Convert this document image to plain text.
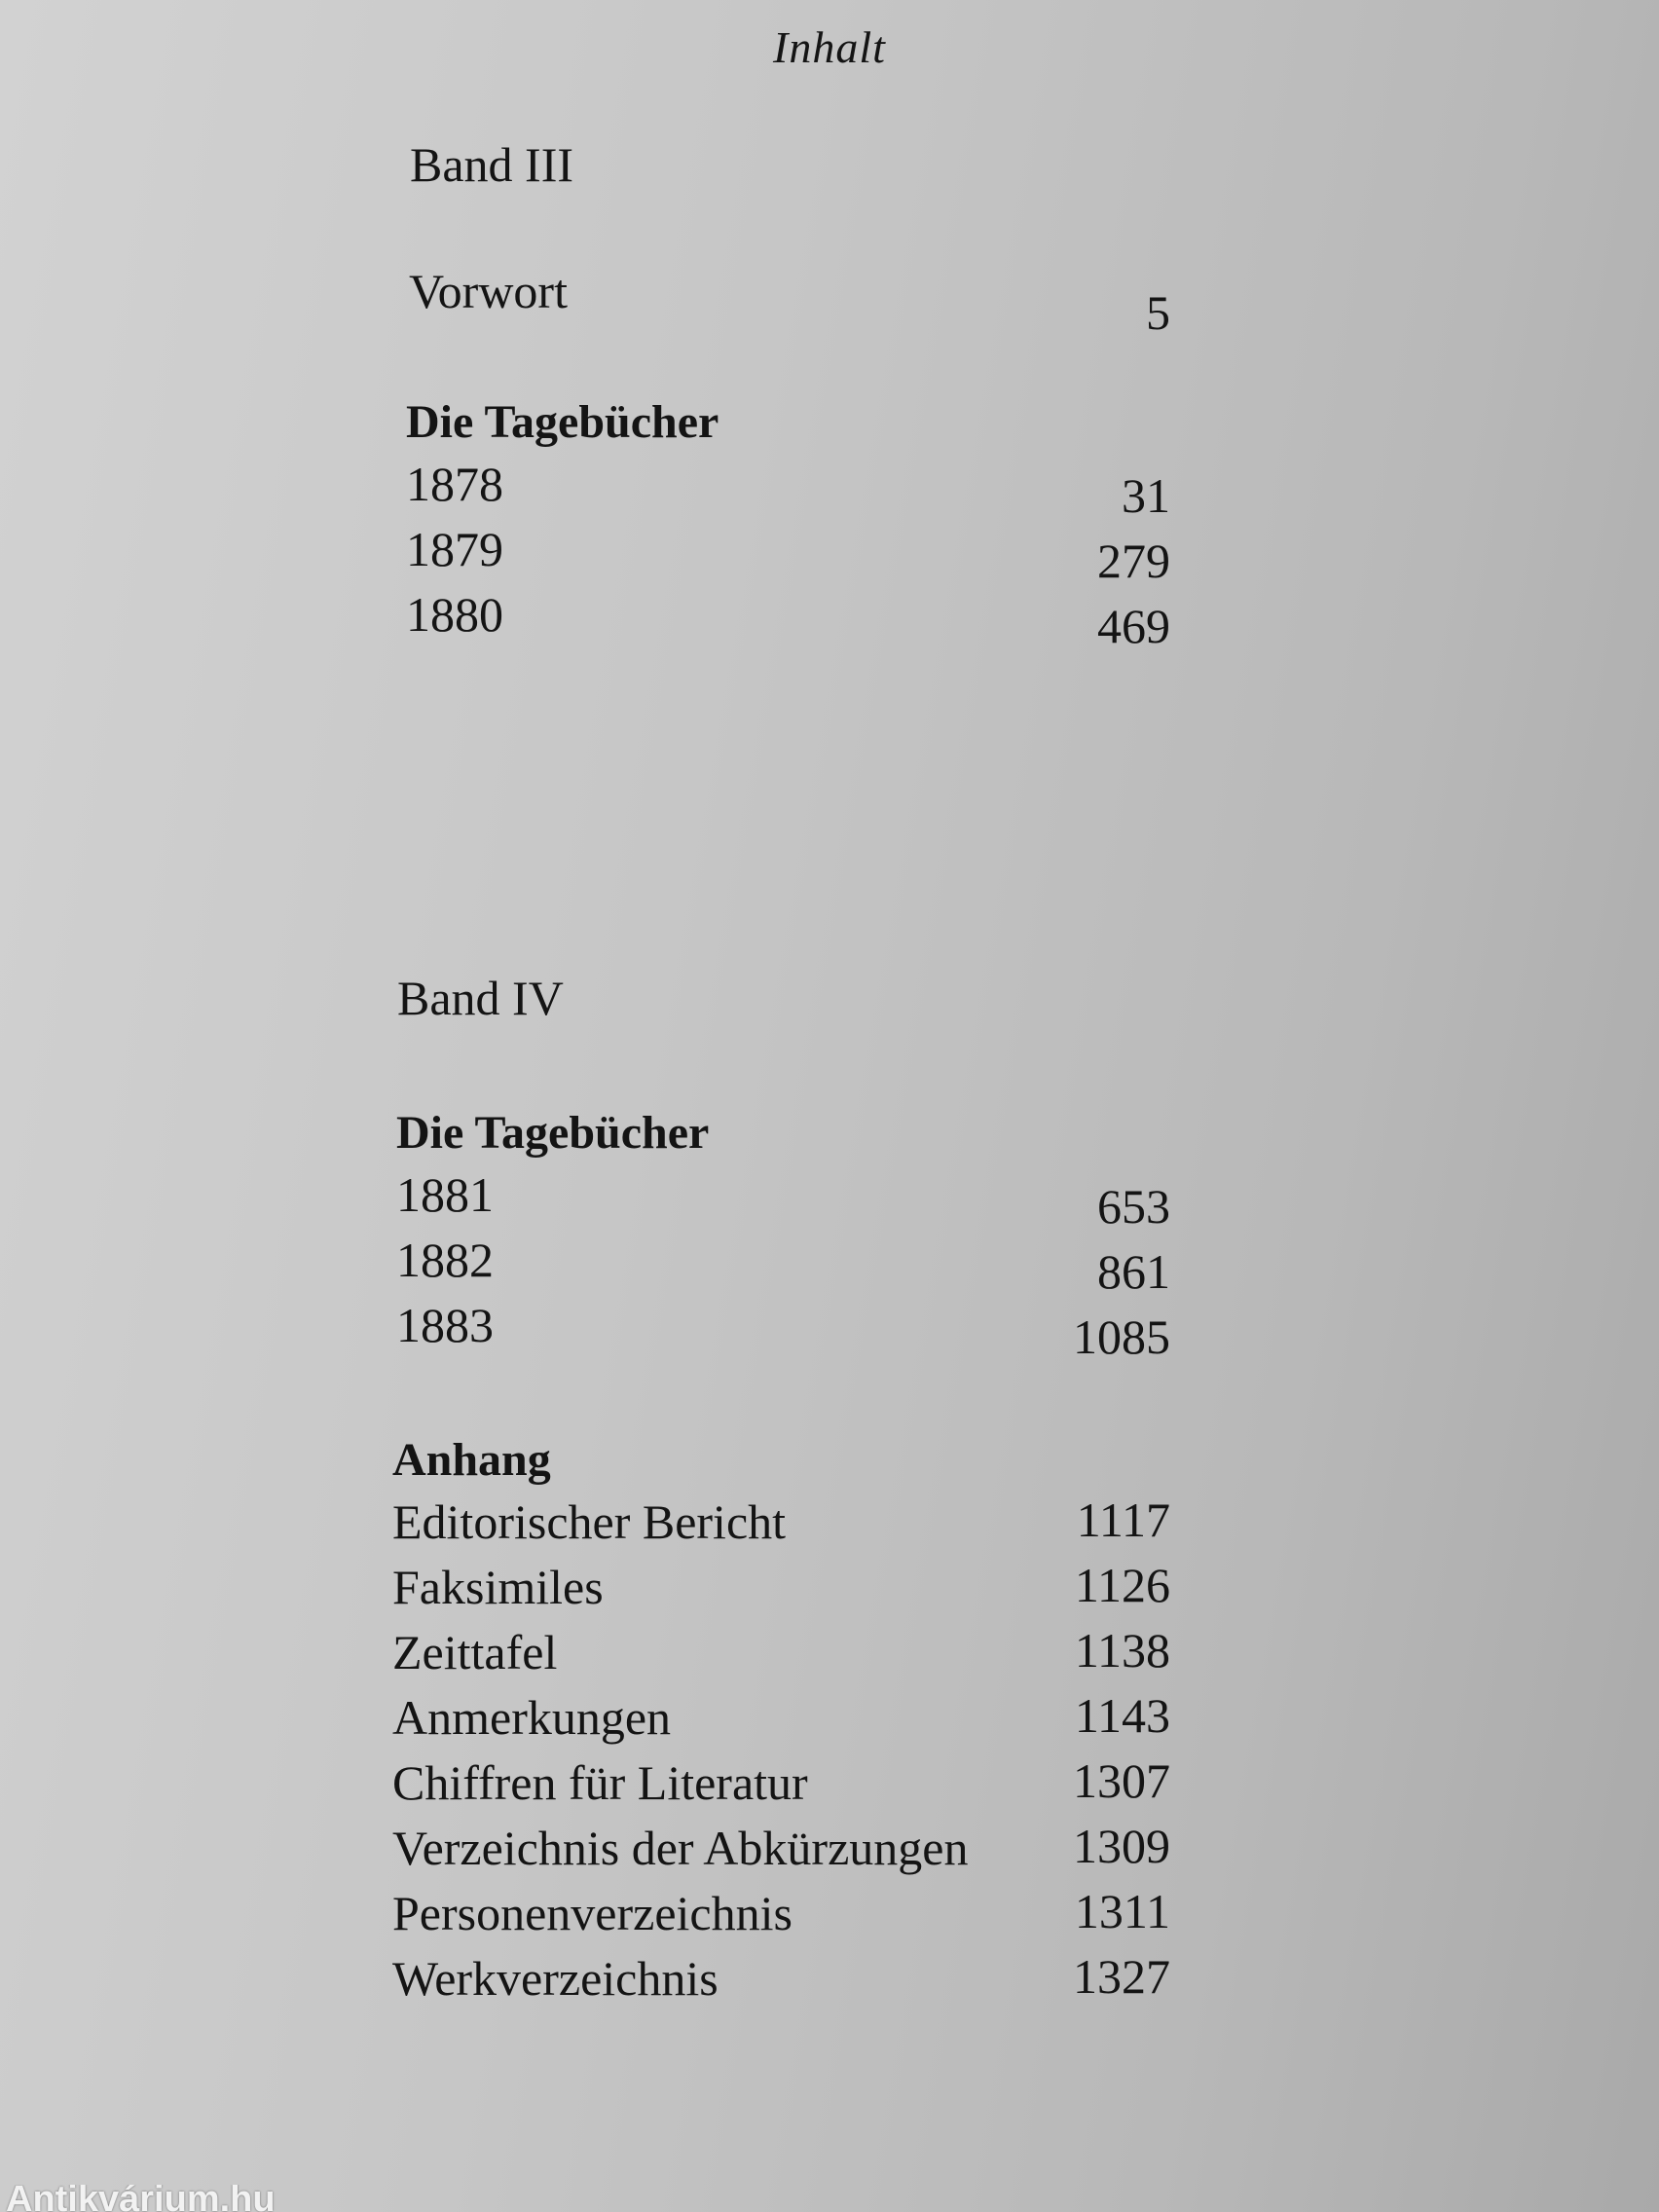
Inhalt
Band III
Vorwort	5
Die Tagebücher
1878	31
1879	279
1880	469
Band IV
Die Tagebücher
1881	653
1882	861
1883	1085
Anhang
Editorischer Bericht	1117
Faksimiles	1126
Zeittafel	1138
Anmerkungen	1143
Chiffren für Literatur	1307
Verzeichnis der Abkürzungen 1309
Personenverzeichnis	1311
Werkverzeichnis	1327
Antikvárium.hu
